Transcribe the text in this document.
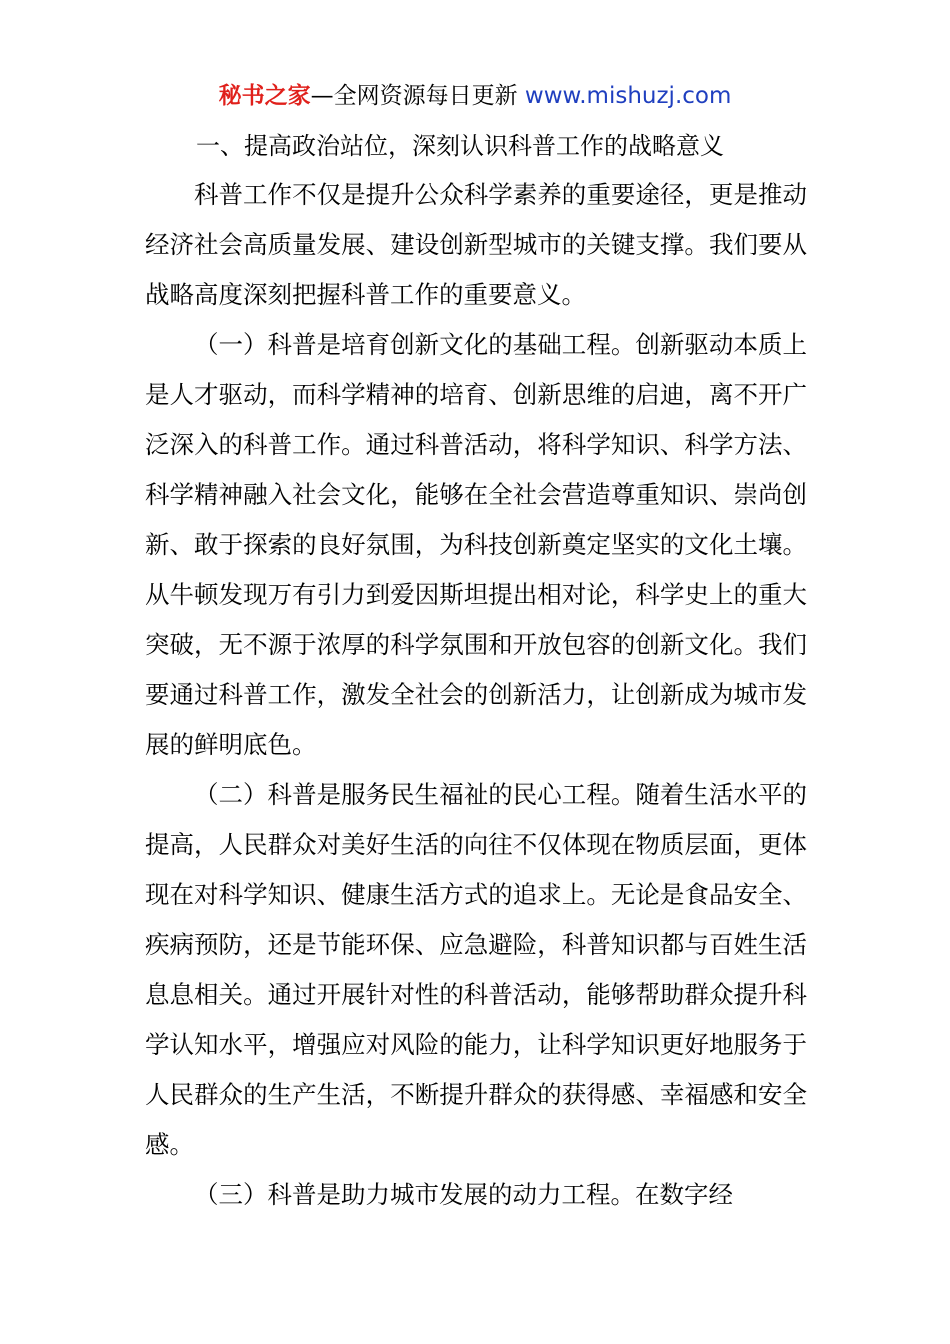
秘书之家—全网资源每日更新 www.mishuzj.com
一、提高政治站位，深刻认识科普工作的战略意义

科普工作不仅是提升公众科学素养的重要途径，更是推动经济社会高质量发展、建设创新型城市的关键支撑。我们要从战略高度深刻把握科普工作的重要意义。

（一）科普是培育创新文化的基础工程。创新驱动本质上是人才驱动，而科学精神的培育、创新思维的启迪，离不开广泛深入的科普工作。通过科普活动，将科学知识、科学方法、科学精神融入社会文化，能够在全社会营造尊重知识、崇尚创新、敢于探索的良好氛围，为科技创新奠定坚实的文化土壤。从牛顿发现万有引力到爱因斯坦提出相对论，科学史上的重大突破，无不源于浓厚的科学氛围和开放包容的创新文化。我们要通过科普工作，激发全社会的创新活力，让创新成为城市发展的鲜明底色。

（二）科普是服务民生福祉的民心工程。随着生活水平的提高，人民群众对美好生活的向往不仅体现在物质层面，更体现在对科学知识、健康生活方式的追求上。无论是食品安全、疾病预防，还是节能环保、应急避险，科普知识都与百姓生活息息相关。通过开展针对性的科普活动，能够帮助群众提升科学认知水平，增强应对风险的能力，让科学知识更好地服务于人民群众的生产生活，不断提升群众的获得感、幸福感和安全感。

（三）科普是助力城市发展的动力工程。在数字经
